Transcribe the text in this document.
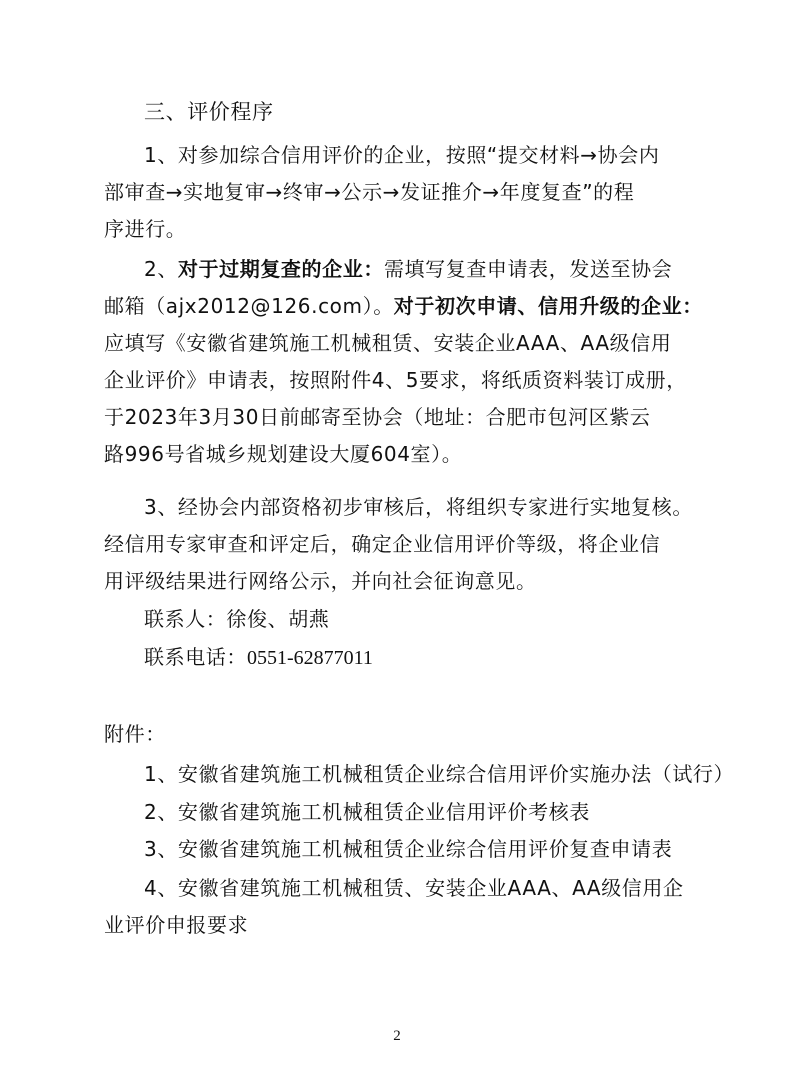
三、评价程序
1、对参加综合信用评价的企业，按照“提交材料→协会内
部审查→实地复审→终审→公示→发证推介→年度复查”的程
序进行。
2、对于过期复查的企业：需填写复查申请表，发送至协会
邮箱（ajx2012@126.com）。对于初次申请、信用升级的企业：
应填写《安徽省建筑施工机械租赁、安装企业AAA、AA级信用
企业评价》申请表，按照附件4、5要求，将纸质资料装订成册，
于2023年3月30日前邮寄至协会（地址：合肥市包河区紫云
路996号省城乡规划建设大厦604室）。
3、经协会内部资格初步审核后，将组织专家进行实地复核。
经信用专家审查和评定后，确定企业信用评价等级，将企业信
用评级结果进行网络公示，并向社会征询意见。
联系人：徐俊、胡燕
联系电话：0551-62877011
附件：
1、安徽省建筑施工机械租赁企业综合信用评价实施办法（试行）
2、安徽省建筑施工机械租赁企业信用评价考核表
3、安徽省建筑施工机械租赁企业综合信用评价复查申请表
4、安徽省建筑施工机械租赁、安装企业AAA、AA级信用企
业评价申报要求
2
